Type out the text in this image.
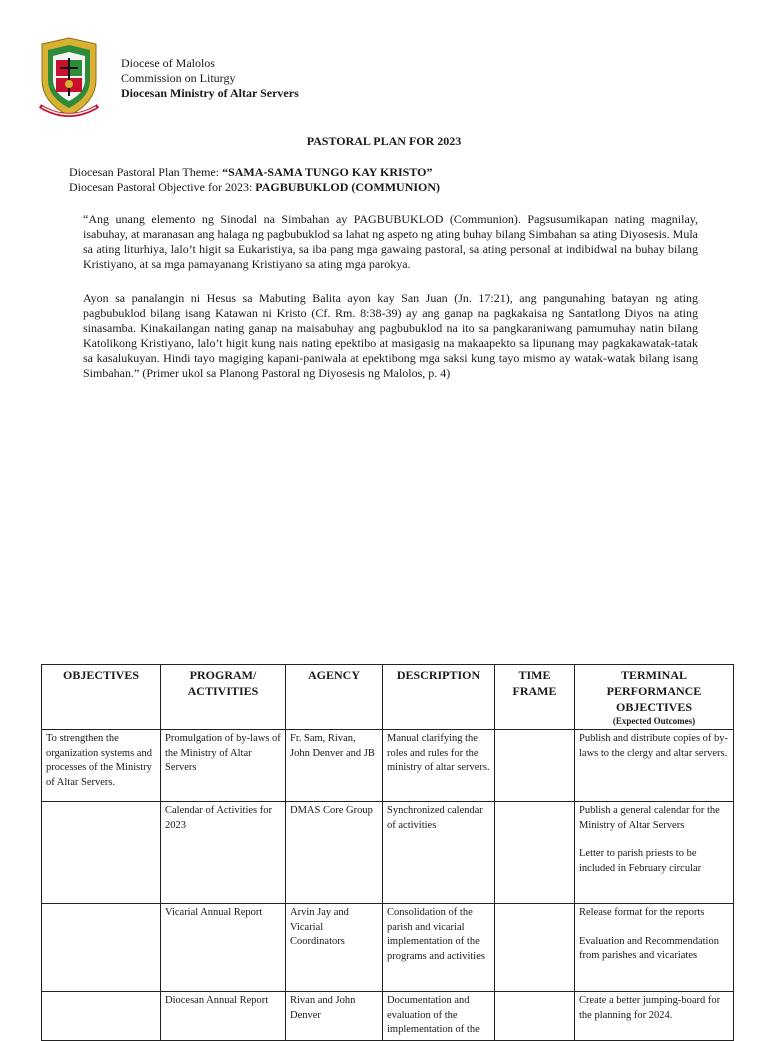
Diocese of Malolos
Commission on Liturgy
Diocesan Ministry of Altar Servers
PASTORAL PLAN FOR 2023
Diocesan Pastoral Plan Theme: “SAMA-SAMA TUNGO KAY KRISTO”
Diocesan Pastoral Objective for 2023: PAGBUBUKLOD (COMMUNION)

“Ang unang elemento ng Sinodal na Simbahan ay PAGBUBUKLOD (Communion). Pagsusumikapan nating magnilay, isabuhay, at maranasan ang halaga ng pagbubuklod sa lahat ng aspeto ng ating buhay bilang Simbahan sa ating Diyosesis. Mula sa ating liturhiya, lalo’t higit sa Eukaristiya, sa iba pang mga gawaing pastoral, sa ating personal at indibidwal na buhay bilang Kristiyano, at sa mga pamayanang Kristiyano sa ating mga parokya.

Ayon sa panalangin ni Hesus sa Mabuting Balita ayon kay San Juan (Jn. 17:21), ang pangunahing batayan ng ating pagbubuklod bilang isang Katawan ni Kristo (Cf. Rm. 8:38-39) ay ang ganap na pagkakaisa ng Santatlong Diyos na ating sinasamba. Kinakailangan nating ganap na maisabuhay ang pagbubuklod na ito sa pangkaraniwang pamumuhay natin bilang Katolikong Kristiyano, lalo’t higit kung nais nating epektibo at masigasig na makaapekto sa lipunang may pagkakawatak-tatak sa kasalukuyan. Hindi tayo magiging kapani-paniwala at epektibong mga saksi kung tayo mismo ay watak-watak bilang isang Simbahan.” (Primer ukol sa Planong Pastoral ng Diyosesis ng Malolos, p. 4)

OBJECTIVES	PROGRAM/ ACTIVITIES	AGENCY	DESCRIPTION	TIME FRAME	TERMINAL PERFORMANCE OBJECTIVES
(Expected Outcomes)

To strengthen the organization systems and processes of the Ministry of Altar Servers.	Promulgation of by-laws of the Ministry of Altar Servers	Fr. Sam, Rivan, John Denver and JB	Manual clarifying the roles and rules for the ministry of altar servers.		Publish and distribute copies of by-laws to the clergy and altar servers.
	Calendar of Activities for 2023	DMAS Core Group	Synchronized calendar of activities		Publish a general calendar for the Ministry of Altar Servers
Letter to parish priests to be included in February circular
	Vicarial Annual Report	Arvin Jay and Vicarial Coordinators	Consolidation of the parish and vicarial implementation of the programs and activities		Release format for the reports
Evaluation and Recommendation from parishes and vicariates
	Diocesan Annual Report	Rivan and John Denver	Documentation and evaluation of the implementation of the		Create a better jumping-board for the planning for 2024.
